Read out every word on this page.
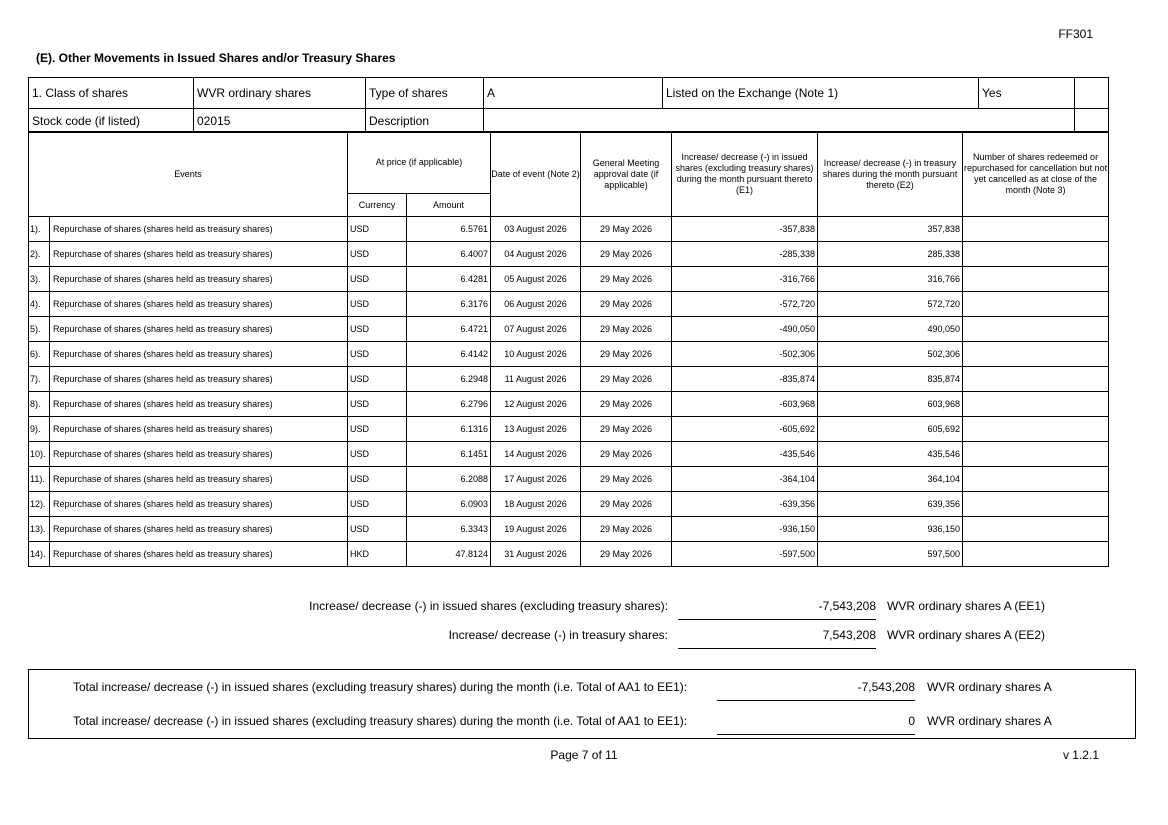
FF301
(E). Other Movements in Issued Shares and/or Treasury Shares
1. Class of shares	WVR ordinary shares	Type of shares	A	Listed on the Exchange (Note 1)	Yes	
Stock code (if listed)	02015	Description				
Events		At price (if applicable)		Date of event (Note 2)	General Meeting approval date (if applicable)	Increase/ decrease (-) in issued shares (excluding treasury shares) during the month pursuant thereto (E1)	Increase/ decrease (-) in treasury shares during the month pursuant thereto (E2)	Number of shares redeemed or repurchased for cancellation but not yet cancelled as at close of the month (Note 3)
		Currency	Amount					
1).	Repurchase of shares (shares held as treasury shares)	USD	6.5761	03 August 2026	29 May 2026	-357,838	357,838	
2).	Repurchase of shares (shares held as treasury shares)	USD	6.4007	04 August 2026	29 May 2026	-285,338	285,338	
3).	Repurchase of shares (shares held as treasury shares)	USD	6.4281	05 August 2026	29 May 2026	-316,766	316,766	
4).	Repurchase of shares (shares held as treasury shares)	USD	6.3176	06 August 2026	29 May 2026	-572,720	572,720	
5).	Repurchase of shares (shares held as treasury shares)	USD	6.4721	07 August 2026	29 May 2026	-490,050	490,050	
6).	Repurchase of shares (shares held as treasury shares)	USD	6.4142	10 August 2026	29 May 2026	-502,306	502,306	
7).	Repurchase of shares (shares held as treasury shares)	USD	6.2948	11 August 2026	29 May 2026	-835,874	835,874	
8).	Repurchase of shares (shares held as treasury shares)	USD	6.2796	12 August 2026	29 May 2026	-603,968	603,968	
9).	Repurchase of shares (shares held as treasury shares)	USD	6.1316	13 August 2026	29 May 2026	-605,692	605,692	
10).	Repurchase of shares (shares held as treasury shares)	USD	6.1451	14 August 2026	29 May 2026	-435,546	435,546	
11).	Repurchase of shares (shares held as treasury shares)	USD	6.2088	17 August 2026	29 May 2026	-364,104	364,104	
12).	Repurchase of shares (shares held as treasury shares)	USD	6.0903	18 August 2026	29 May 2026	-639,356	639,356	
13).	Repurchase of shares (shares held as treasury shares)	USD	6.3343	19 August 2026	29 May 2026	-936,150	936,150	
14).	Repurchase of shares (shares held as treasury shares)	HKD	47.8124	31 August 2026	29 May 2026	-597,500	597,500	
Increase/ decrease (-) in issued shares (excluding treasury shares):	-7,543,208 WVR ordinary shares A (EE1)
Increase/ decrease (-) in treasury shares:	7,543,208 WVR ordinary shares A (EE2)
Total increase/ decrease (-) in issued shares (excluding treasury shares) during the month (i.e. Total of AA1 to EE1):	-7,543,208 WVR ordinary shares A
Total increase/ decrease (-) in issued shares (excluding treasury shares) during the month (i.e. Total of AA1 to EE1):	0 WVR ordinary shares A
Page 7 of 11	v 1.2.1
